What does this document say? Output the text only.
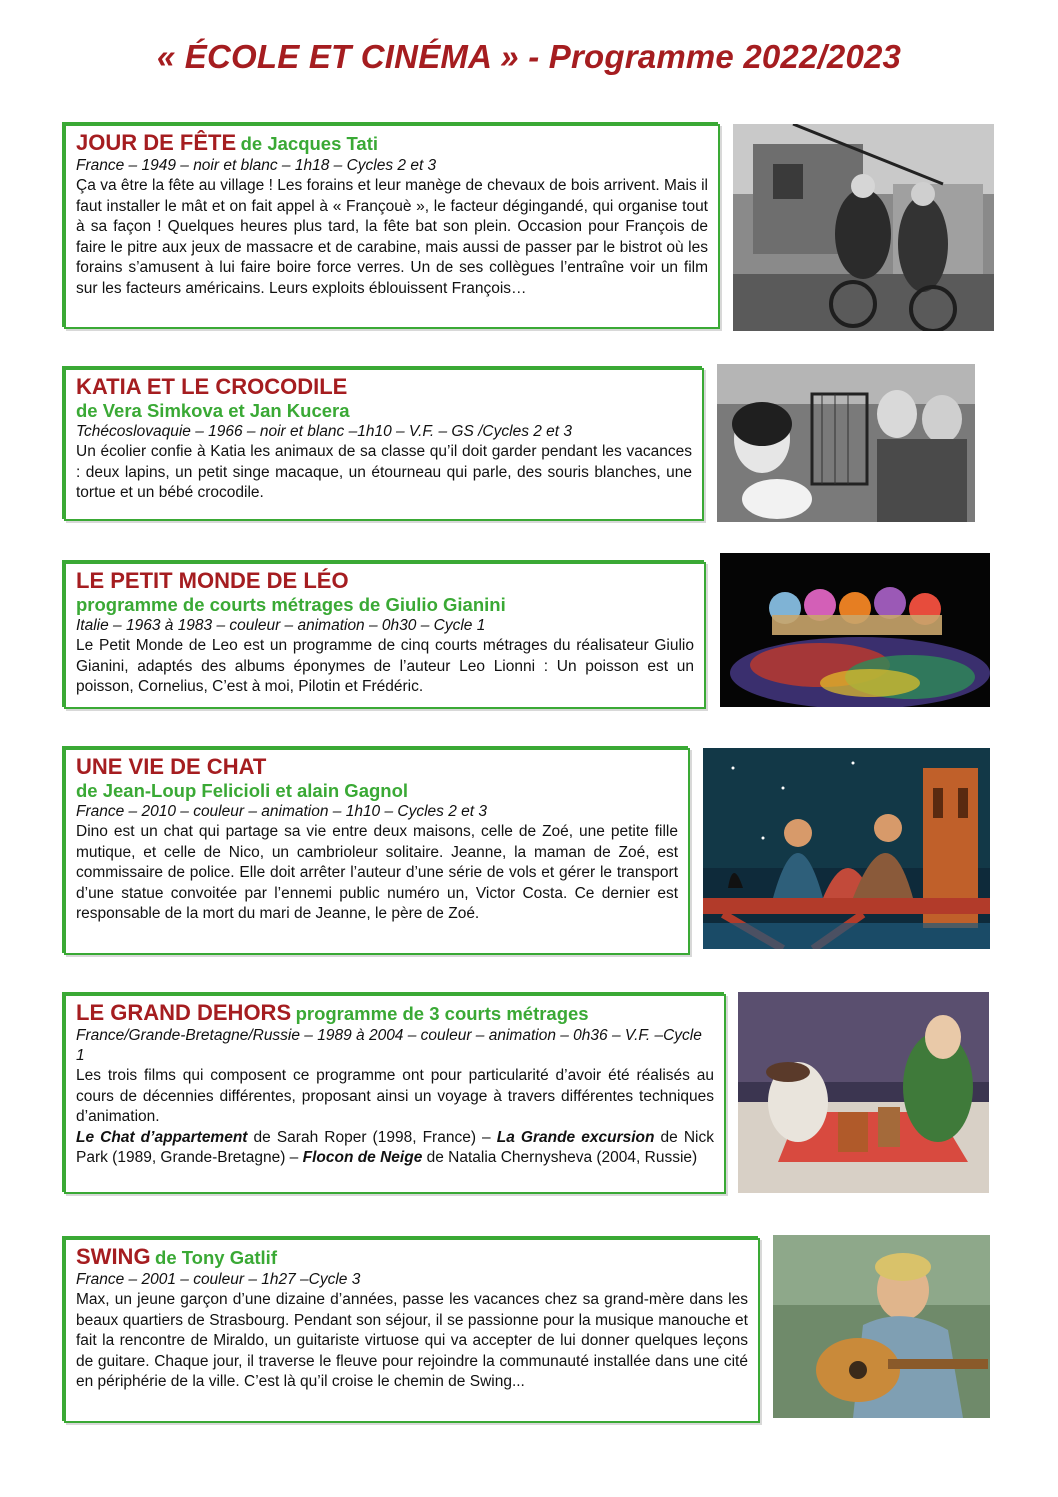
« ÉCOLE ET CINÉMA » - Programme 2022/2023
JOUR DE FÊTE de Jacques Tati
France – 1949 – noir et blanc – 1h18 – Cycles 2 et 3
Ça va être la fête au village ! Les forains et leur manège de chevaux de bois arrivent. Mais il faut installer le mât et on fait appel à « Françouè », le facteur dégingandé, qui organise tout à sa façon ! Quelques heures plus tard, la fête bat son plein. Occasion pour François de faire le pitre aux jeux de massacre et de carabine, mais aussi de passer par le bistrot où les forains s’amusent à lui faire boire force verres. Un de ses collègues l’entraîne voir un film sur les facteurs américains. Leurs exploits éblouissent François…
KATIA ET LE CROCODILE
de Vera Simkova et Jan Kucera
Tchécoslovaquie – 1966 – noir et blanc –1h10 – V.F. – GS /Cycles 2 et 3
Un écolier confie à Katia les animaux de sa classe qu’il doit garder pendant les vacances : deux lapins, un petit singe macaque, un étourneau qui parle, des souris blanches, une tortue et un bébé crocodile.
LE PETIT MONDE DE LÉO
programme de courts métrages de Giulio Gianini
Italie – 1963 à 1983 – couleur – animation – 0h30 – Cycle 1
Le Petit Monde de Leo est un programme de cinq courts métrages du réalisateur Giulio Gianini, adaptés des albums éponymes de l’auteur Leo Lionni : Un poisson est un poisson, Cornelius, C’est à moi, Pilotin et Frédéric.
UNE VIE DE CHAT
de Jean-Loup Felicioli et alain Gagnol
France – 2010 – couleur – animation – 1h10 – Cycles 2 et 3
Dino est un chat qui partage sa vie entre deux maisons, celle de Zoé, une petite fille mutique, et celle de Nico, un cambrioleur solitaire. Jeanne, la maman de Zoé, est commissaire de police. Elle doit arrêter l’auteur d’une série de vols et gérer le transport d’une statue convoitée par l’ennemi public numéro un, Victor Costa. Ce dernier est responsable de la mort du mari de Jeanne, le père de Zoé.
LE GRAND DEHORS programme de 3 courts métrages
France/Grande-Bretagne/Russie – 1989 à 2004 – couleur – animation – 0h36 – V.F. –Cycle 1
Les trois films qui composent ce programme ont pour particularité d’avoir été réalisés au cours de décennies différentes, proposant ainsi un voyage à travers différentes techniques d’animation.
Le Chat d’appartement de Sarah Roper (1998, France) – La Grande excursion de Nick Park (1989, Grande-Bretagne) – Flocon de Neige de Natalia Chernysheva (2004, Russie)
SWING de Tony Gatlif
France – 2001 – couleur – 1h27 –Cycle 3
Max, un jeune garçon d’une dizaine d’années, passe les vacances chez sa grand-mère dans les beaux quartiers de Strasbourg. Pendant son séjour, il se passionne pour la musique manouche et fait la rencontre de Miraldo, un guitariste virtuose qui va accepter de lui donner quelques leçons de guitare. Chaque jour, il traverse le fleuve pour rejoindre la communauté installée dans une cité en périphérie de la ville. C’est là qu’il croise le chemin de Swing...
